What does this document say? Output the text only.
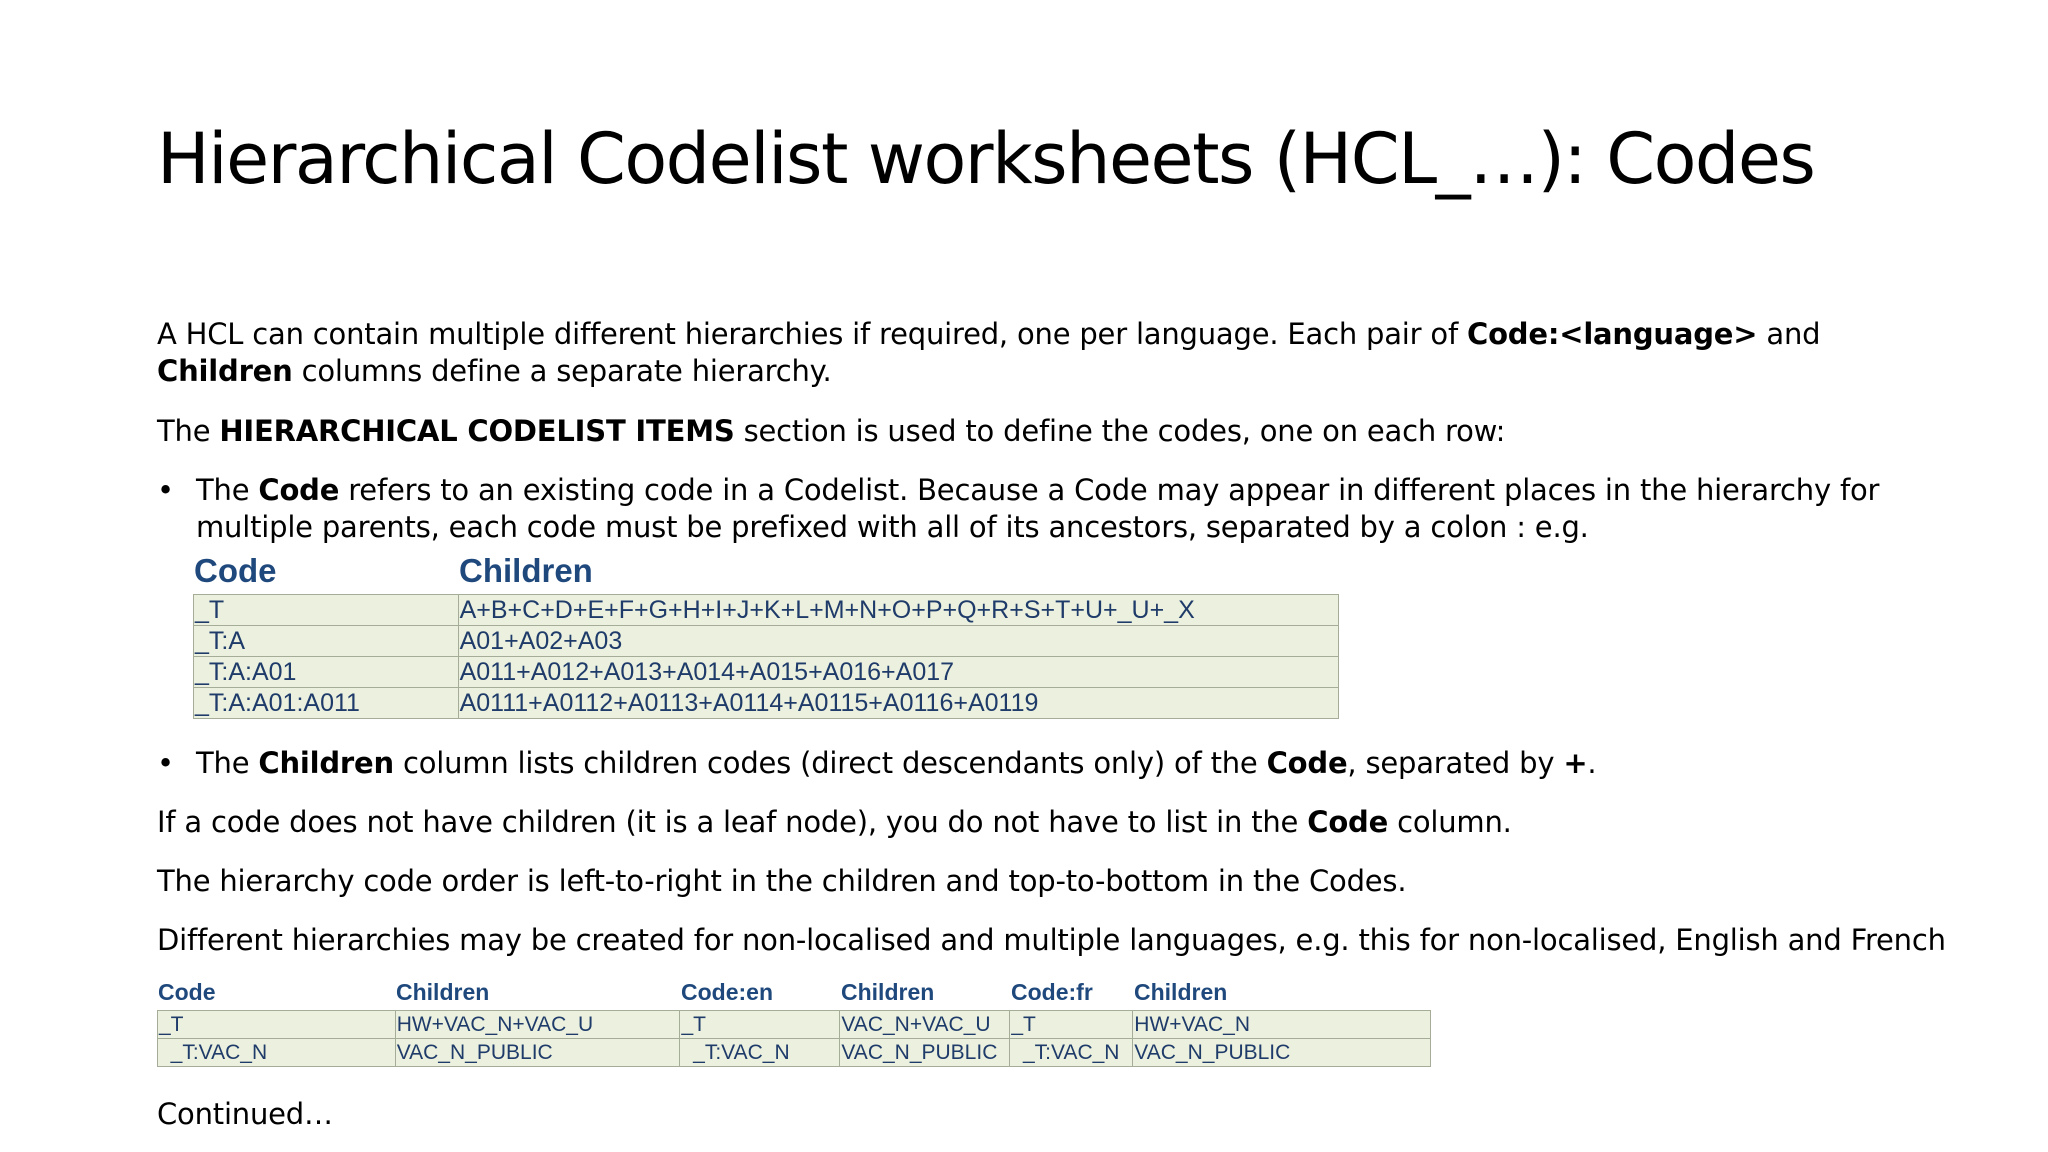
Hierarchical Codelist worksheets (HCL_…): Codes
A HCL can contain multiple different hierarchies if required, one per language. Each pair of Code:<language> and Children columns define a separate hierarchy.
The HIERARCHICAL CODELIST ITEMS section is used to define the codes, one on each row:
• The Code refers to an existing code in a Codelist. Because a Code may appear in different places in the hierarchy for multiple parents, each code must be prefixed with all of its ancestors, separated by a colon : e.g.
Code	Children
_T	A+B+C+D+E+F+G+H+I+J+K+L+M+N+O+P+Q+R+S+T+U+_U+_X
_T:A	A01+A02+A03
_T:A:A01	A011+A012+A013+A014+A015+A016+A017
_T:A:A01:A011	A0111+A0112+A0113+A0114+A0115+A0116+A0119
• The Children column lists children codes (direct descendants only) of the Code, separated by +.
If a code does not have children (it is a leaf node), you do not have to list in the Code column.
The hierarchy code order is left-to-right in the children and top-to-bottom in the Codes.
Different hierarchies may be created for non-localised and multiple languages, e.g. this for non-localised, English and French
Code	Children	Code:en	Children	Code:fr Children
_T	HW+VAC_N+VAC_U	_T	VAC_N+VAC_U	_T	HW+VAC_N
_T:VAC_N	VAC_N_PUBLIC	_T:VAC_N	VAC_N_PUBLIC	_T:VAC_N	VAC_N_PUBLIC
Continued…
